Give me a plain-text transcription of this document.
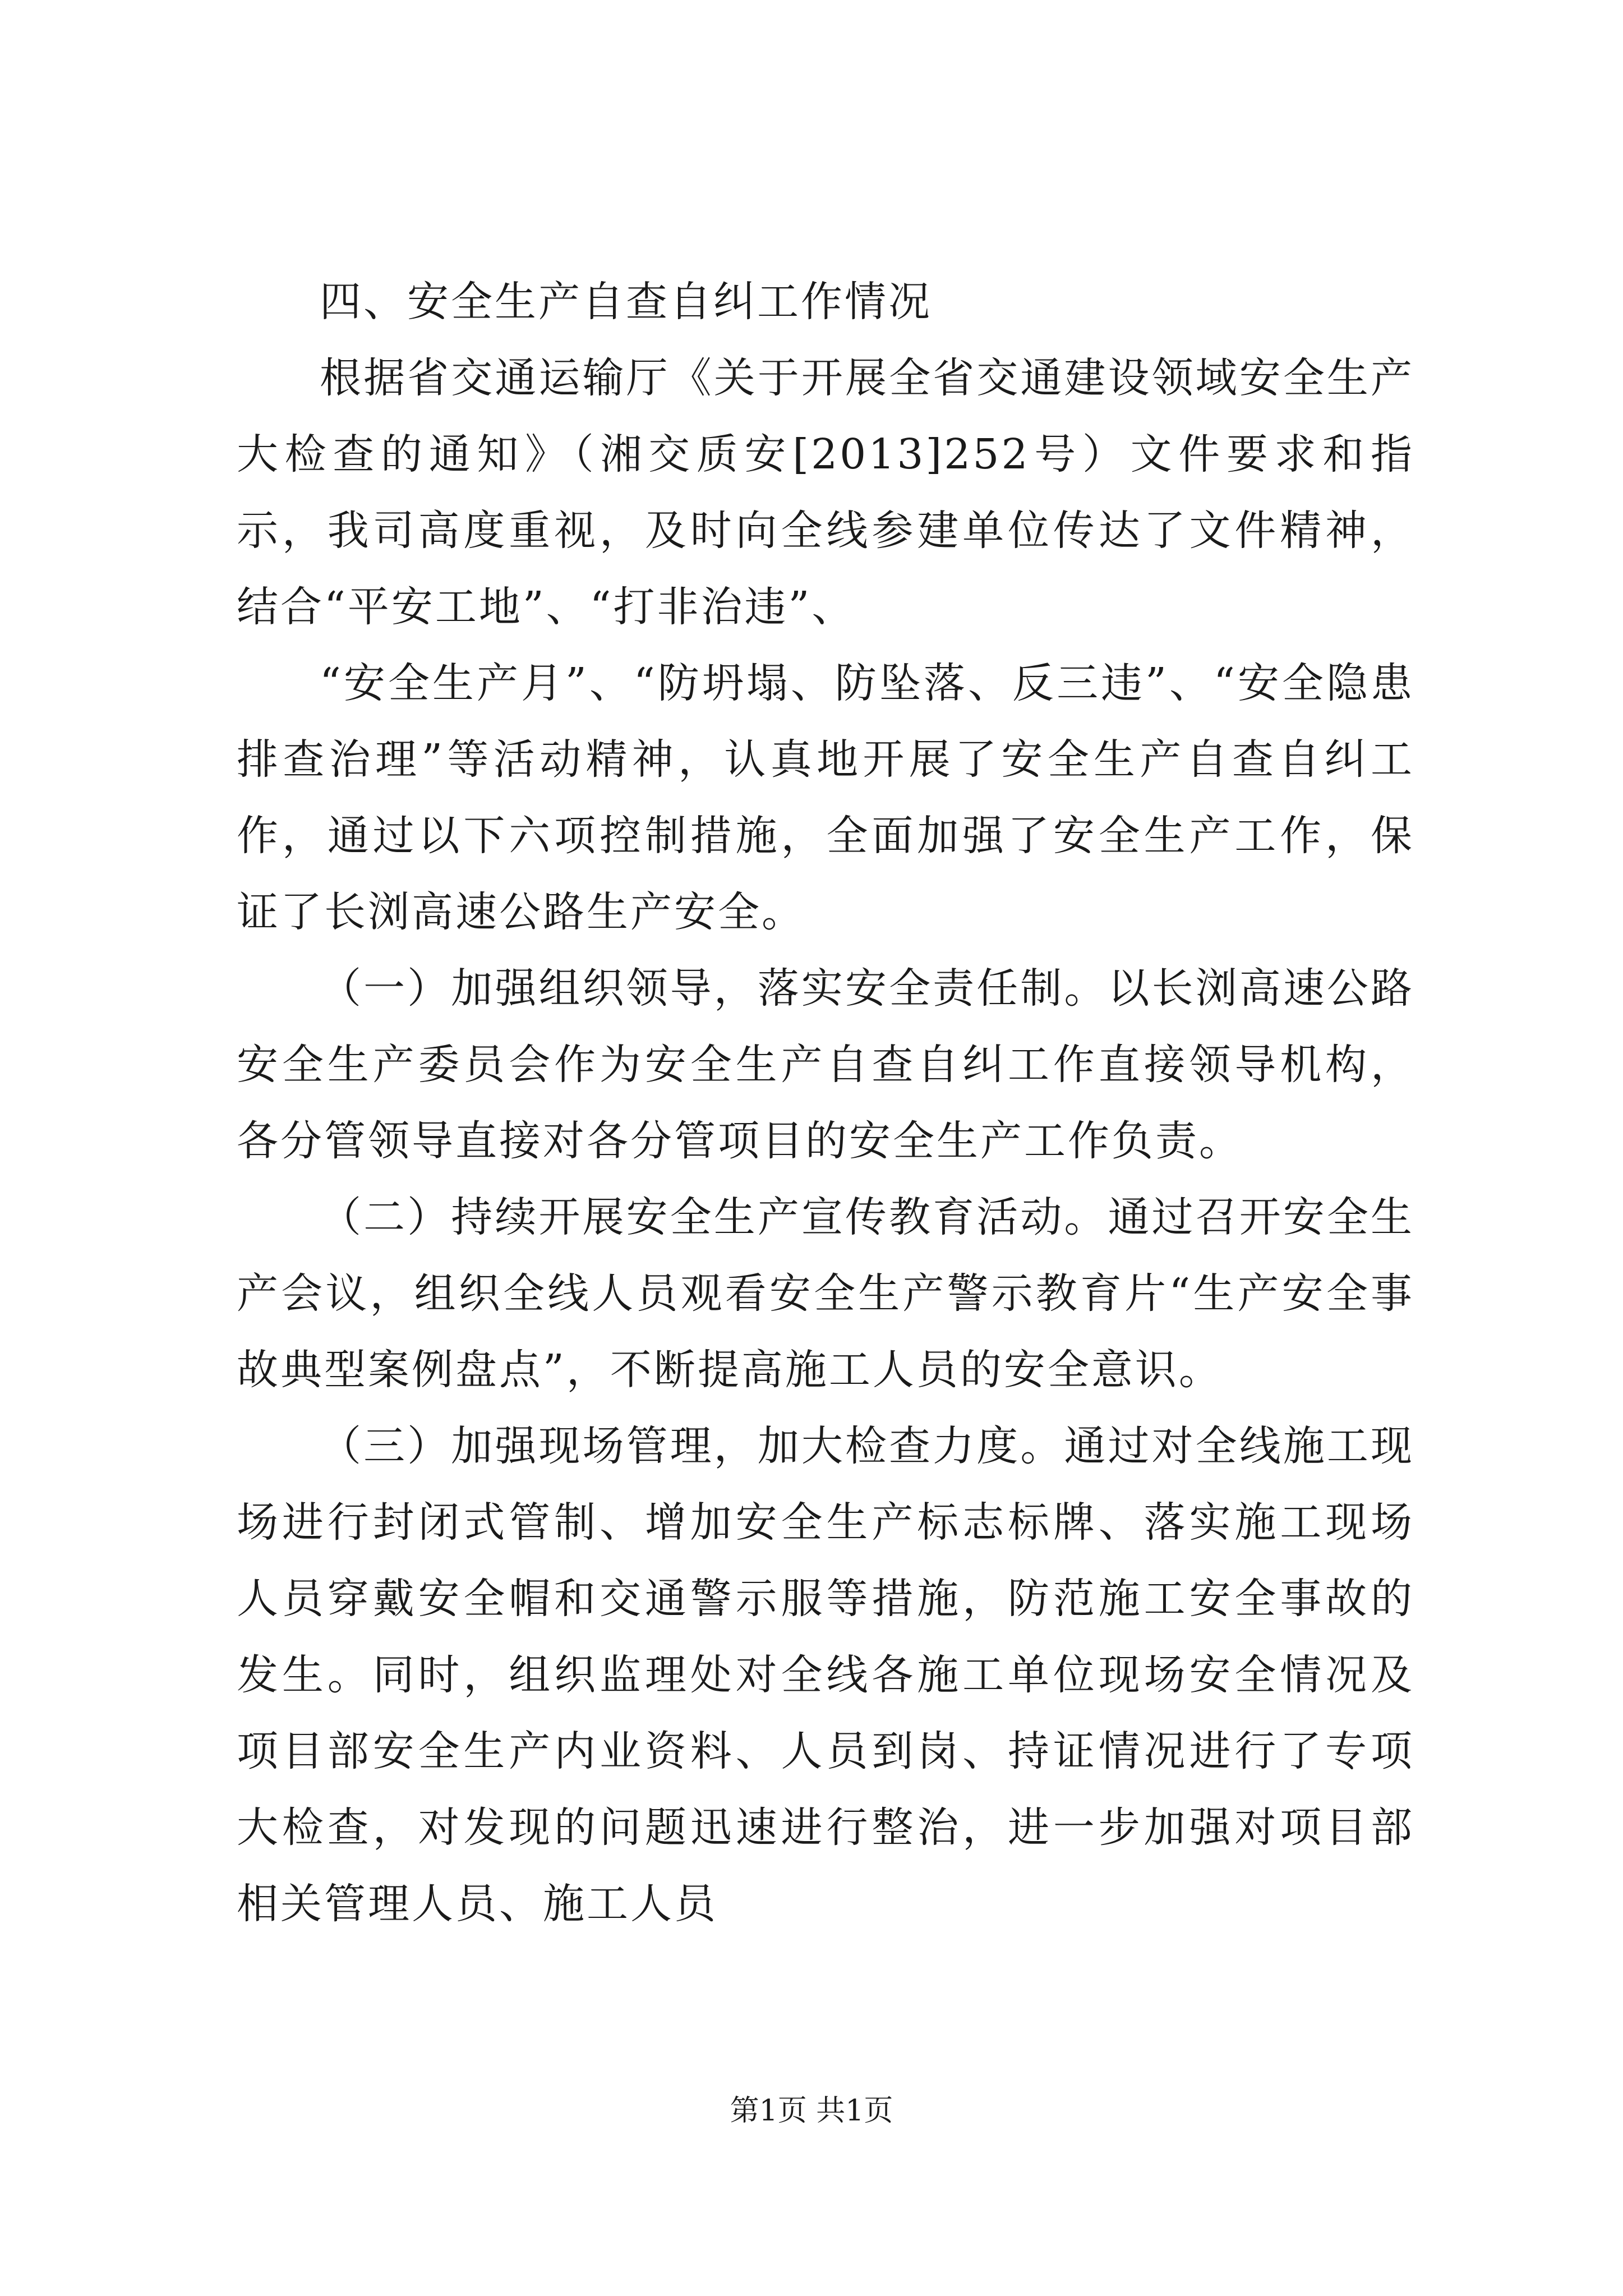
四、安全生产自查自纠工作情况

根据省交通运输厅《关于开展全省交通建设领域安全生产大检查的通知》（湘交质安[2013]252号）文件要求和指示，我司高度重视，及时向全线参建单位传达了文件精神，结合“平安工地”、“打非治违”、

“安全生产月”、“防坍塌、防坠落、反三违”、“安全隐患排查治理”等活动精神，认真地开展了安全生产自查自纠工作，通过以下六项控制措施，全面加强了安全生产工作，保证了长浏高速公路生产安全。

（一）加强组织领导，落实安全责任制。以长浏高速公路安全生产委员会作为安全生产自查自纠工作直接领导机构，各分管领导直接对各分管项目的安全生产工作负责。

（二）持续开展安全生产宣传教育活动。通过召开安全生产会议，组织全线人员观看安全生产警示教育片“生产安全事故典型案例盘点”，不断提高施工人员的安全意识。

（三）加强现场管理，加大检查力度。通过对全线施工现场进行封闭式管制、增加安全生产标志标牌、落实施工现场人员穿戴安全帽和交通警示服等措施，防范施工安全事故的发生。同时，组织监理处对全线各施工单位现场安全情况及项目部安全生产内业资料、人员到岗、持证情况进行了专项大检查，对发现的问题迅速进行整治，进一步加强对项目部相关管理人员、施工人员

第1页 共1页
